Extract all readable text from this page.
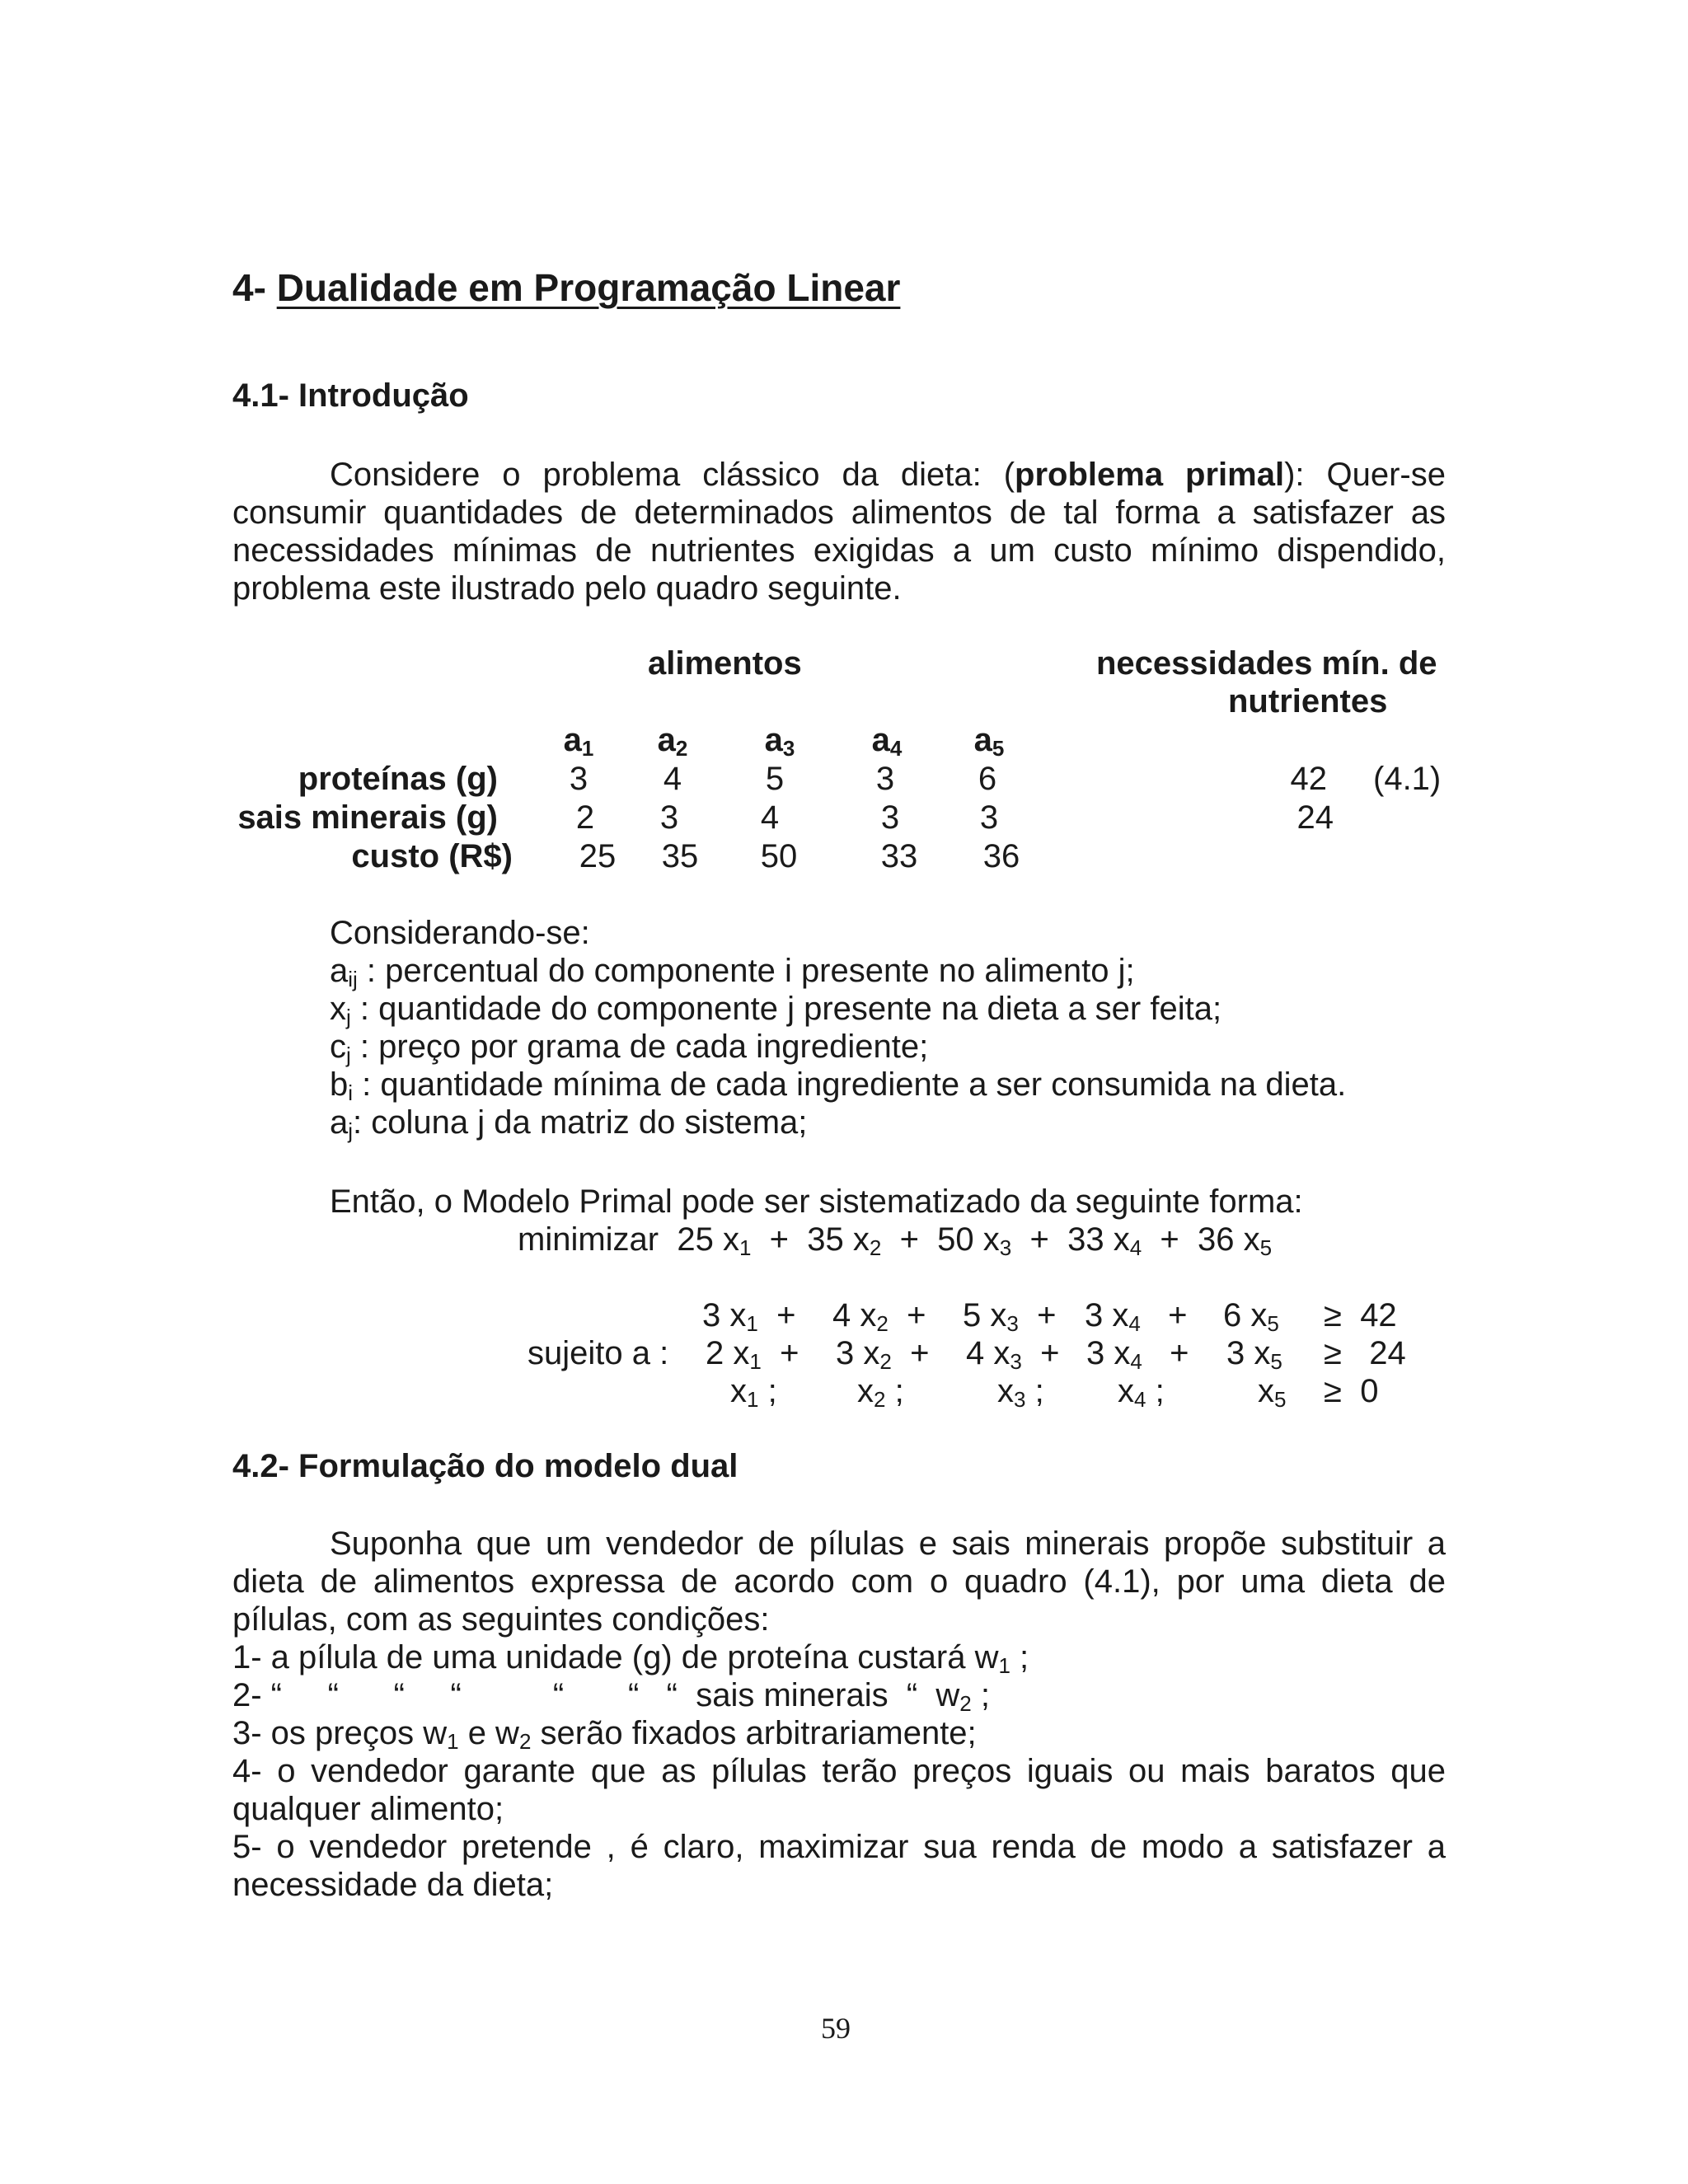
4- Dualidade em Programação Linear
4.1- Introdução
Considere o problema clássico da dieta: (problema primal): Quer-se
consumir quantidades de determinados alimentos de tal forma a satisfazer as
necessidades mínimas de nutrientes exigidas a um custo mínimo dispendido,
problema este ilustrado pelo quadro seguinte.
alimentos	necessidades mín. de
nutrientes
$a_1$ $a_2$ $a_3$ $a_4$ $a_5$
proteínas (g)	3	4	5	3	6	42 (4.1)
sais minerais (g)	2	3	4	3	3	24
custo (R$)	25	35	50	33	36
Considerando-se:
$a_{ij}$ : percentual do componente i presente no alimento j;
$x_j$ : quantidade do componente j presente na dieta a ser feita;
$c_j$ : preço por grama de cada ingrediente;
$b_i$ : quantidade mínima de cada ingrediente a ser consumida na dieta.
$a_j$: coluna j da matriz do sistema;
Então, o Modelo Primal pode ser sistematizado da seguinte forma:
minimizar 25 $x_1 + 35$ $x_2 + 50$ $x_3 + 33$ $x_4 + 36$ $x_5$
sujeito a :
3 $x_1 + 4$ $x_2 + 5$ $x_3 + 3$ $x_4 + 6$ $x_5 \ge 42$
2 $x_1 + 3$ $x_2 + 4$ $x_3 + 3$ $x_4 + 3$ $x_5 \ge 24$
$x_1$ ; $x_2$ ;	$x_3$ ; $x_4$ ;	$x_5 \ge 0$
4.2- Formulação do modelo dual
Suponha que um vendedor de pílulas e sais minerais propõe substituir a
dieta de alimentos expressa de acordo com o quadro (4.1), por uma dieta de
pílulas, com as seguintes condições:
1- a pílula de uma unidade (g) de proteína custará $w_1$ ;
2- “     “      “     “          “       “   “  sais minerais  “  $w_2$ ;
3- os preços $w_1$ e $w_2$ serão fixados arbitrariamente;
4- o vendedor garante que as pílulas terão preços iguais ou mais baratos que
qualquer alimento;
5- o vendedor pretende , é claro, maximizar sua renda de modo a satisfazer a
necessidade da dieta;
59
